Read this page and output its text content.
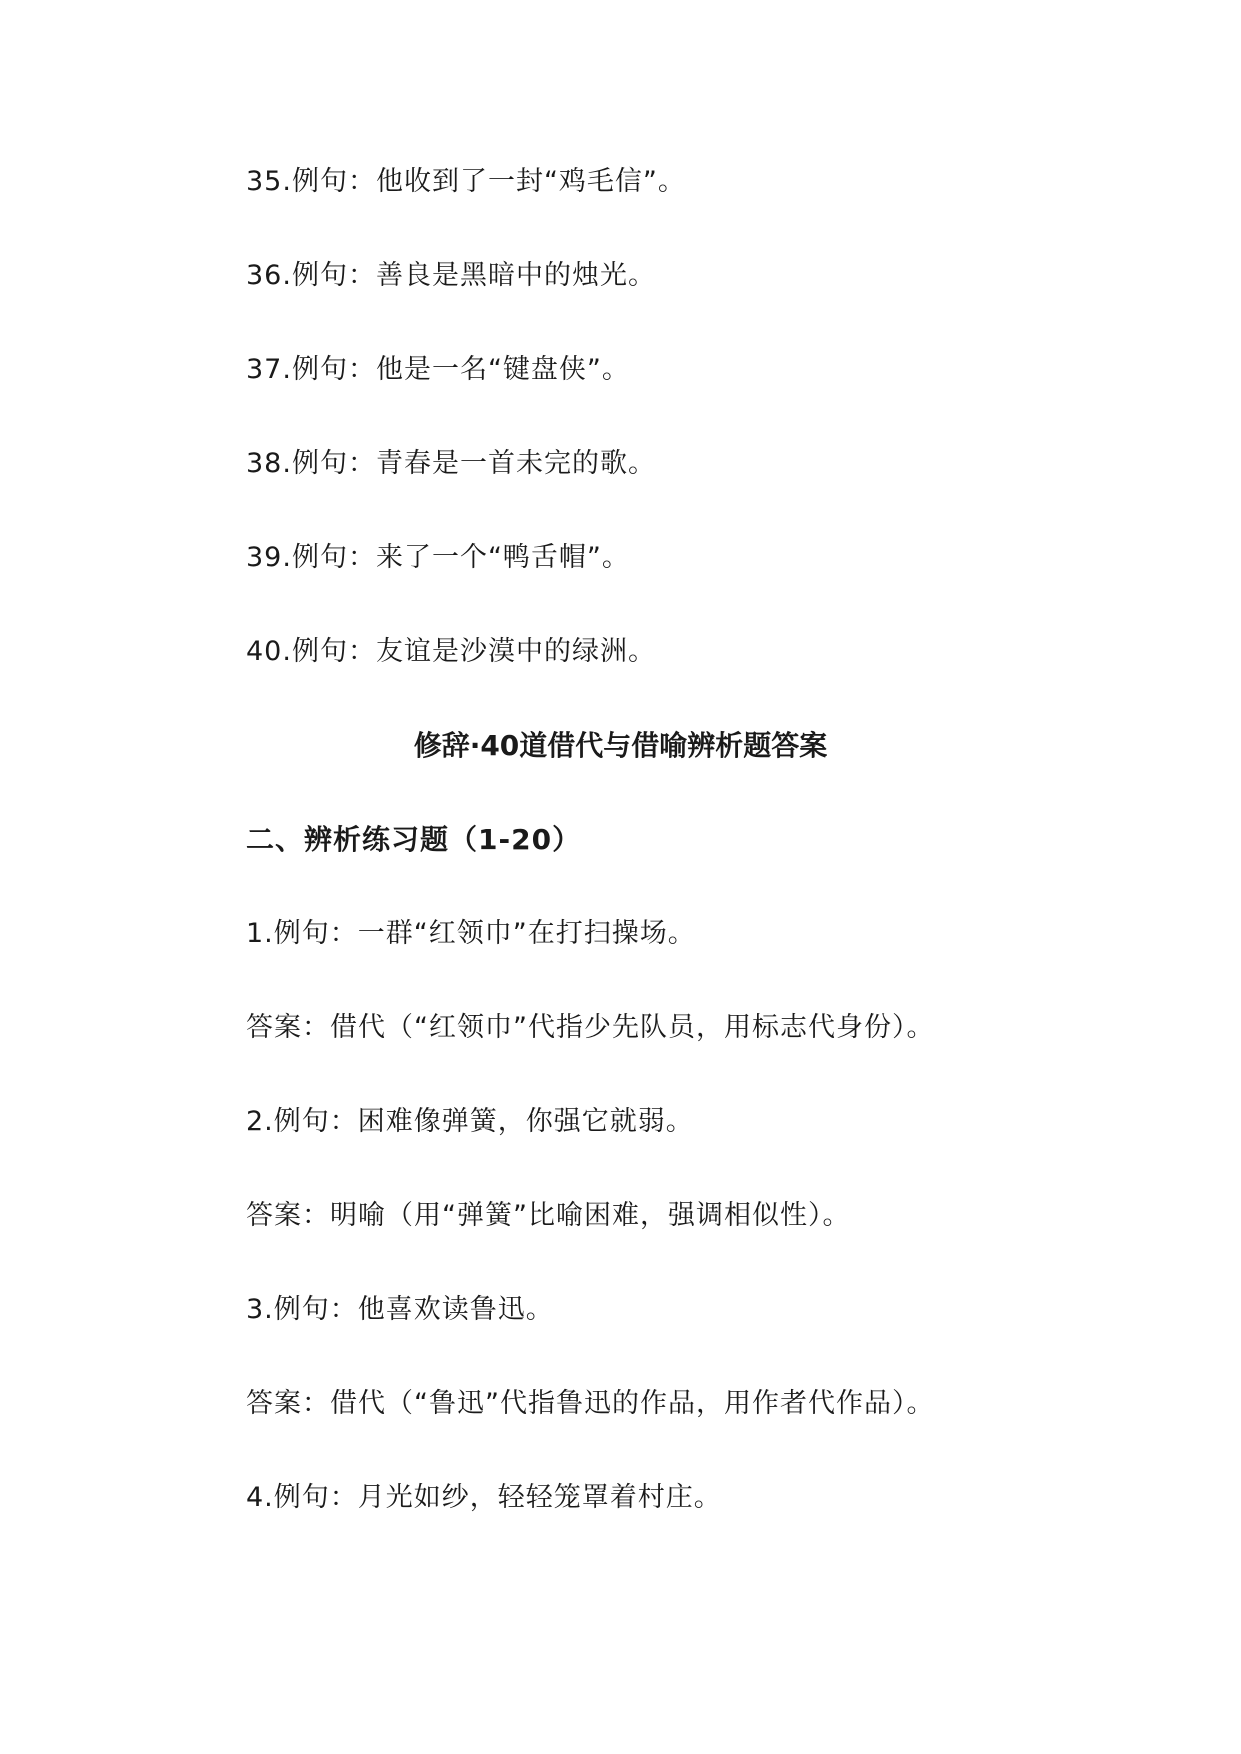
35.例句：他收到了一封“鸡毛信”。
36.例句：善良是黑暗中的烛光。
37.例句：他是一名“键盘侠”。
38.例句：青春是一首未完的歌。
39.例句：来了一个“鸭舌帽”。
40.例句：友谊是沙漠中的绿洲。
修辞·40道借代与借喻辨析题答案
二、辨析练习题（1-20）
1.例句：一群“红领巾”在打扫操场。
答案：借代（“红领巾”代指少先队员，用标志代身份）。
2.例句：困难像弹簧，你强它就弱。
答案：明喻（用“弹簧”比喻困难，强调相似性）。
3.例句：他喜欢读鲁迅。
答案：借代（“鲁迅”代指鲁迅的作品，用作者代作品）。
4.例句：月光如纱，轻轻笼罩着村庄。
